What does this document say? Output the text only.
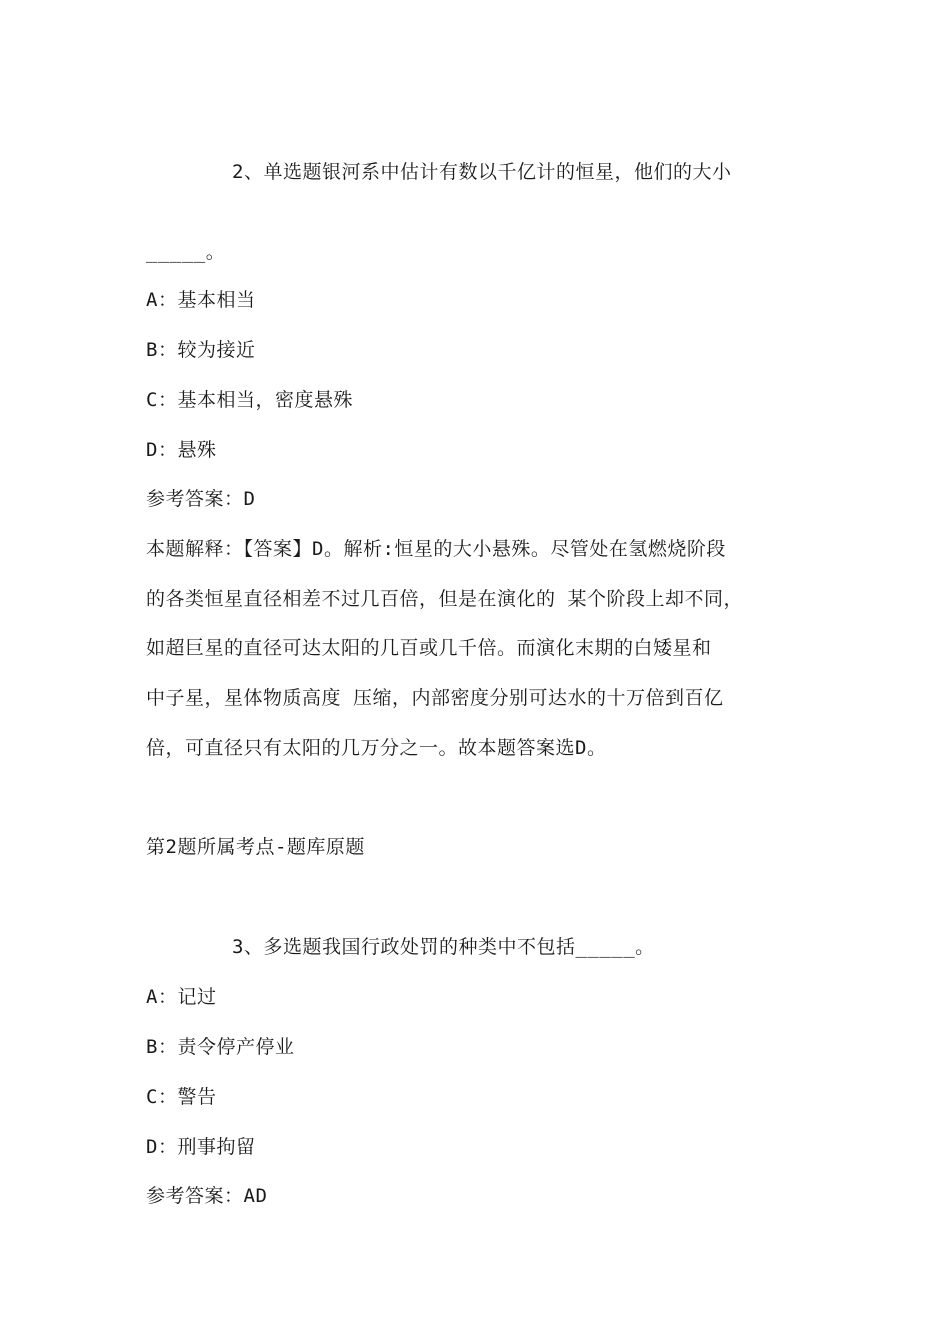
2、单选题银河系中估计有数以千亿计的恒星，他们的大小
_____。
A：基本相当
B：较为接近
C：基本相当，密度悬殊
D：悬殊
参考答案：D
本题解释：【答案】D。解析:恒星的大小悬殊。尽管处在氢燃烧阶段
的各类恒星直径相差不过几百倍，但是在演化的 某个阶段上却不同，
如超巨星的直径可达太阳的几百或几千倍。而演化末期的白矮星和
中子星，星体物质高度 压缩，内部密度分别可达水的十万倍到百亿
倍，可直径只有太阳的几万分之一。故本题答案选D。
第2题所属考点-题库原题
3、多选题我国行政处罚的种类中不包括_____。
A：记过
B：责令停产停业
C：警告
D：刑事拘留
参考答案：AD
